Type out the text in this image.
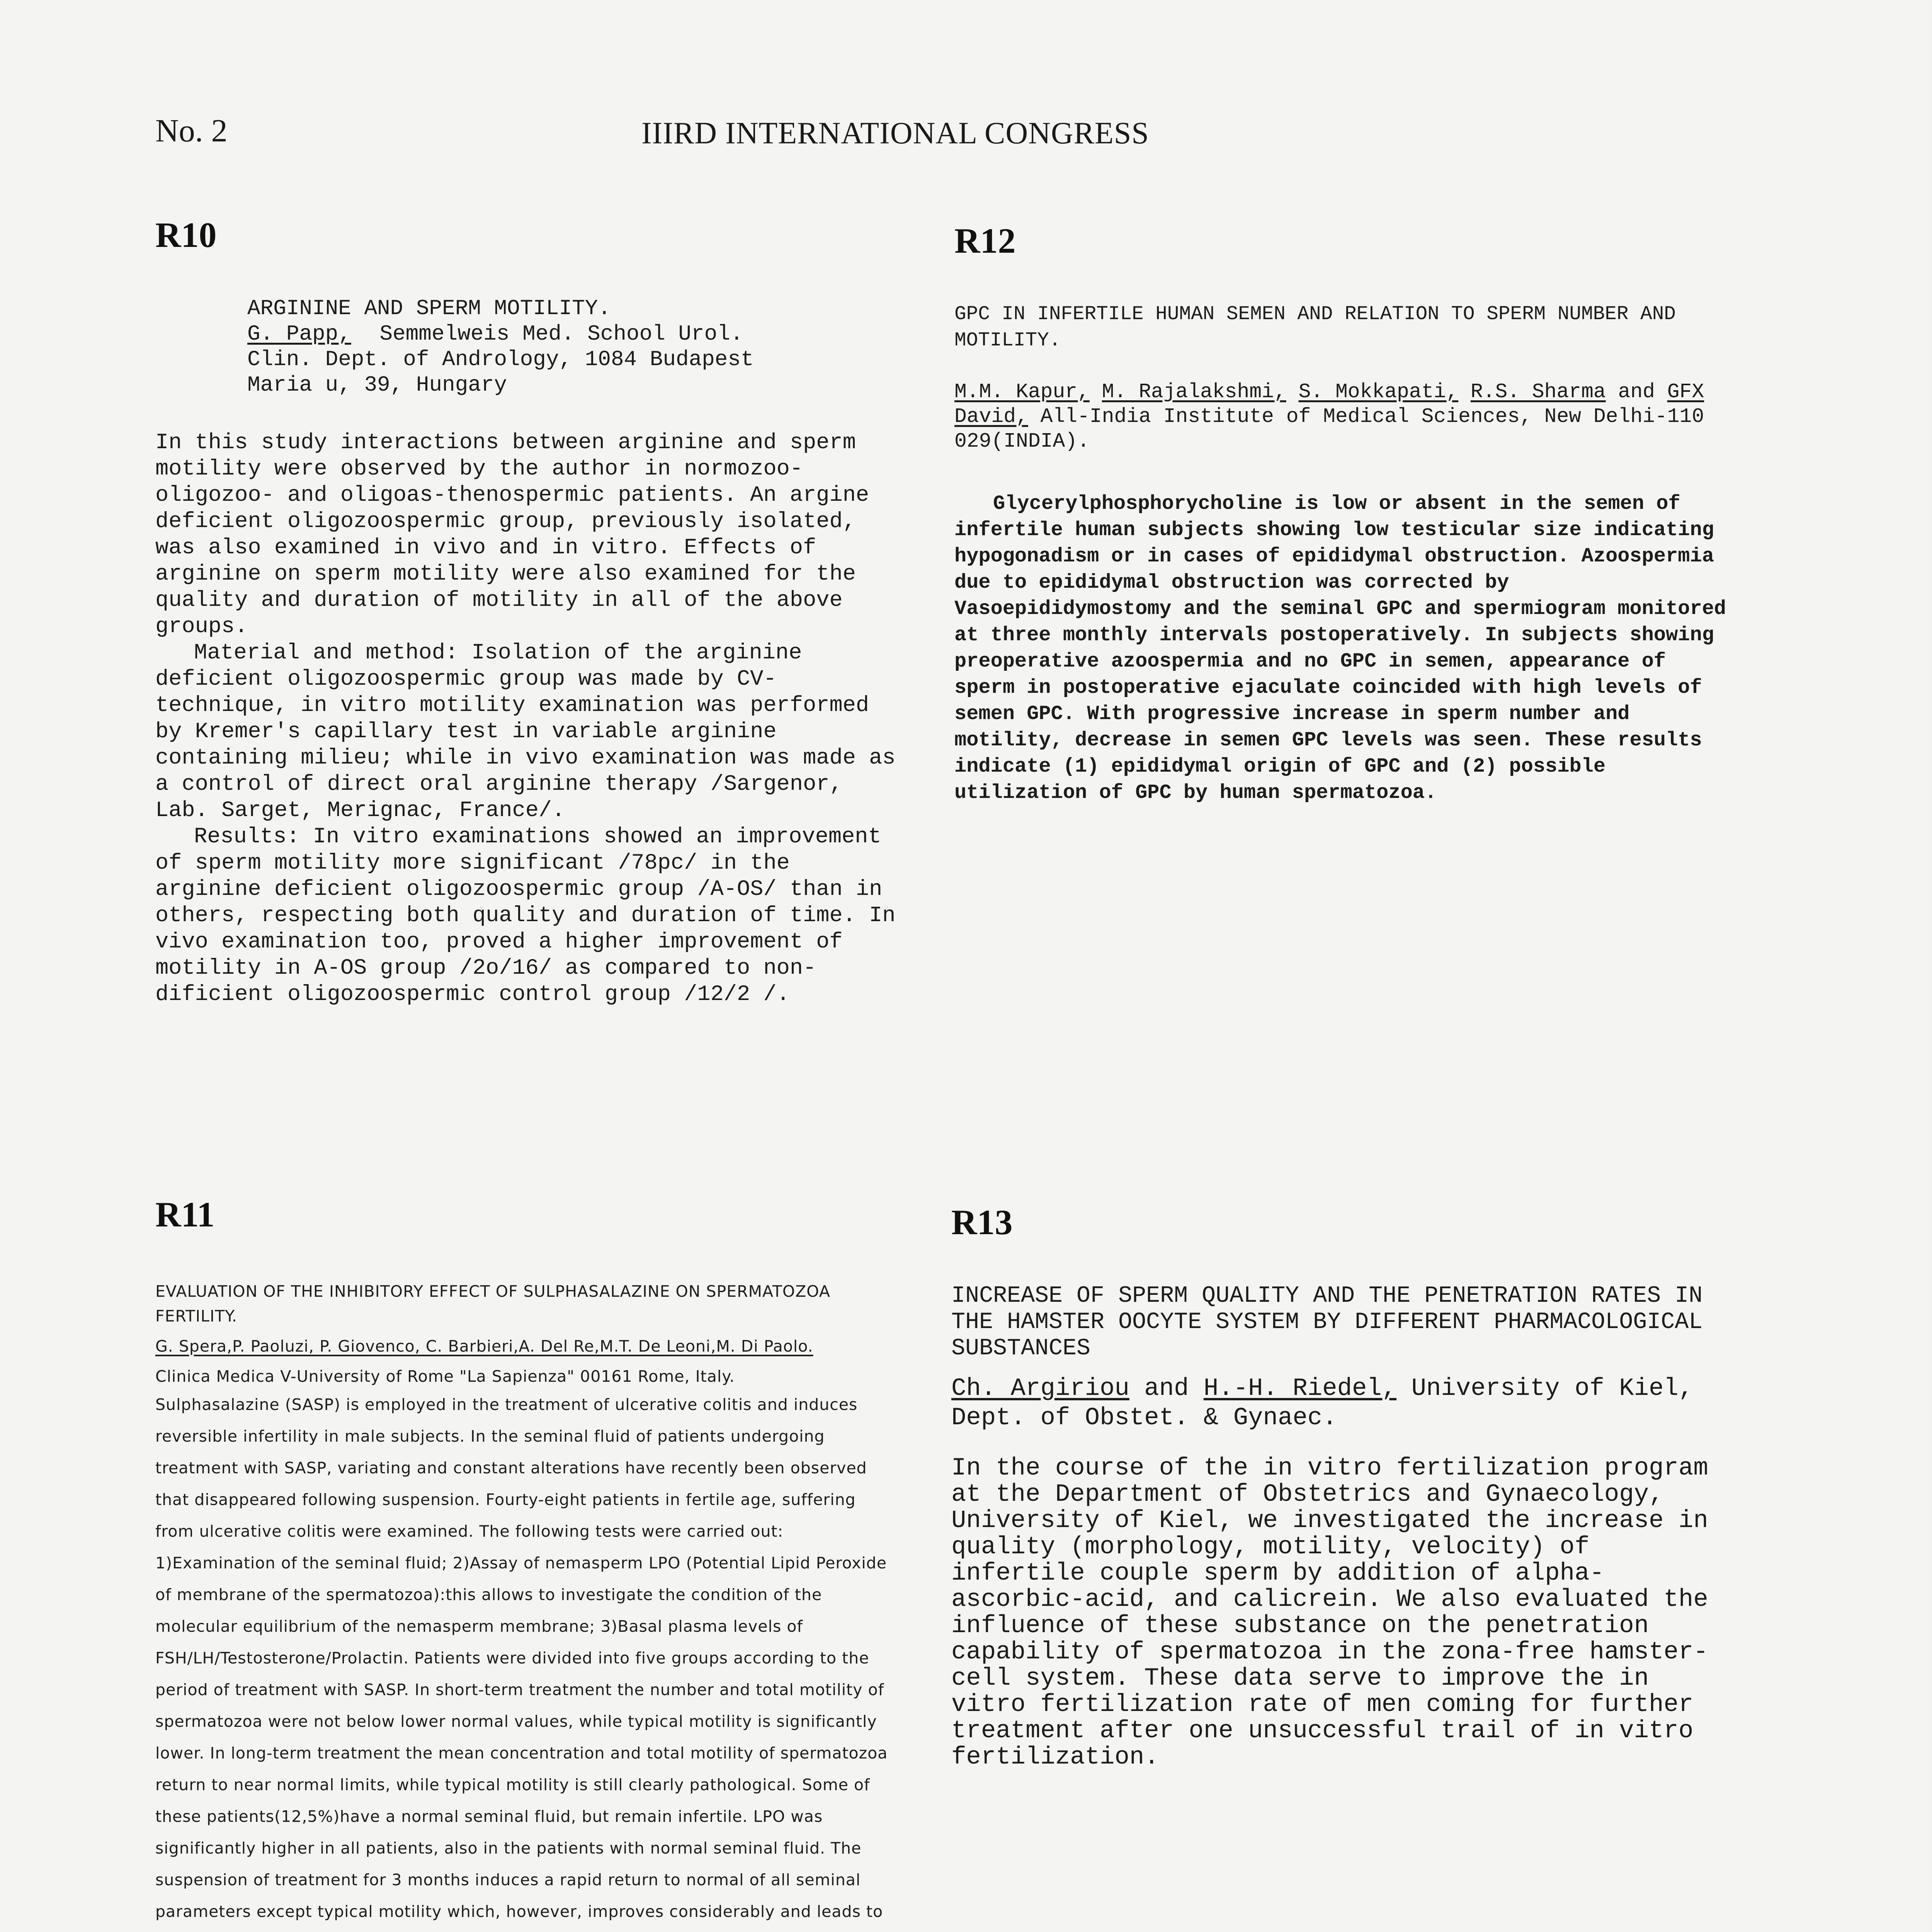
No. 2	IIIRD INTERNATIONAL CONGRESS
R10

ARGININE AND SPERM MOTILITY.

G. Papp, Semmelweis Med. School Urol.

Clin. Dept. of Andrology, 1084 Budapest

Maria u, 39, Hungary

In this study interactions between arginine and sperm motility were observed by the author in normozoo- oligozoo- and oligoas-thenospermic patients. An argine deficient oligozoospermic group, previously isolated, was also examined in vivo and in vitro. Effects of arginine on sperm motility were also examined for the quality and duration of motility in all of the above groups.

Material and method: Isolation of the arginine deficient oligozoospermic group was made by CV-technique, in vitro motility examination was performed by Kremer's capillary test in variable arginine containing milieu; while in vivo examination was made as a control of direct oral arginine therapy /Sargenor, Lab. Sarget, Merignac, France/.

Results: In vitro examinations showed an improvement of sperm motility more significant /78pc/ in the arginine deficient oligozoospermic group /A-OS/ than in others, respecting both quality and duration of time. In vivo examination too, proved a higher improvement of motility in A-OS group /2o/16/ as compared to non-dificient oligozoospermic control group /12/2 /.

R12
GPC IN INFERTILE HUMAN SEMEN AND RELATION TO SPERM NUMBER AND MOTILITY.

M.M. Kapur, M. Rajalakshmi, S. Mokkapati, R.S. Sharma and GFX David, All-India Institute of Medical Sciences, New Delhi-110 029(INDIA).

Glycerylphosphorycholine is low or absent in the semen of infertile human subjects showing low testicular size indicating hypogonadism or in cases of epididymal obstruction. Azoospermia due to epididymal obstruction was corrected by Vasoepididymostomy and the seminal GPC and spermiogram monitored at three monthly intervals postoperatively. In subjects showing preoperative azoospermia and no GPC in semen, appearance of sperm in postoperative ejaculate coincided with high levels of semen GPC. With progressive increase in sperm number and motility, decrease in semen GPC levels was seen. These results indicate (1) epididymal origin of GPC and (2) possible utilization of GPC by human spermatozoa.
R11

EVALUATION OF THE INHIBITORY EFFECT OF SULPHASALAZINE ON SPERMATOZOA FERTILITY.

G. Spera,P. Paoluzi, P. Giovenco, C. Barbieri,A. Del Re,M.T. De Leoni,M. Di Paolo.

Clinica Medica V-University of Rome "La Sapienza" 00161 Rome, Italy.

Sulphasalazine (SASP) is employed in the treatment of ulcerative colitis and induces reversible infertility in male subjects. In the seminal fluid of patients undergoing treatment with SASP, variating and constant alterations have recently been observed that disappeared following suspension. Fourty-eight patients in fertile age, suffering from ulcerative colitis were examined. The following tests were carried out: 1)Examination of the seminal fluid; 2)Assay of nemasperm LPO (Potential Lipid Peroxide of membrane of the spermatozoa):this allows to investigate the condition of the molecular equilibrium of the nemasperm membrane; 3)Basal plasma levels of FSH/LH/Testosterone/Prolactin. Patients were divided into five groups according to the period of treatment with SASP. In short-term treatment the number and total motility of spermatozoa were not below lower normal values, while typical motility is significantly lower. In long-term treatment the mean concentration and total motility of spermatozoa return to near normal limits, while typical motility is still clearly pathological. Some of these patients(12,5%)have a normal seminal fluid, but remain infertile. LPO was significantly higher in all patients, also in the patients with normal seminal fluid. The suspension of treatment for 3 months induces a rapid return to normal of all seminal parameters except typical motility which, however, improves considerably and leads to

R13
INCREASE OF SPERM QUALITY AND THE PENETRATION RATES IN THE HAMSTER OOCYTE SYSTEM BY DIFFERENT PHARMACOLOGICAL SUBSTANCES

Ch. Argiriou and H.-H. Riedel, University of Kiel, Dept. of Obstet. & Gynaec.

In the course of the in vitro fertilization program at the Department of Obstetrics and Gynaecology, University of Kiel, we investigated the increase in quality (morphology, motility, velocity) of infertile couple sperm by addition of alpha-ascorbic-acid, and calicrein. We also evaluated the influence of these substance on the penetration capability of spermatozoa in the zona-free hamster-cell system. These data serve to improve the in vitro fertilization rate of men coming for further treatment after one unsuccessful trail of in vitro fertilization.
